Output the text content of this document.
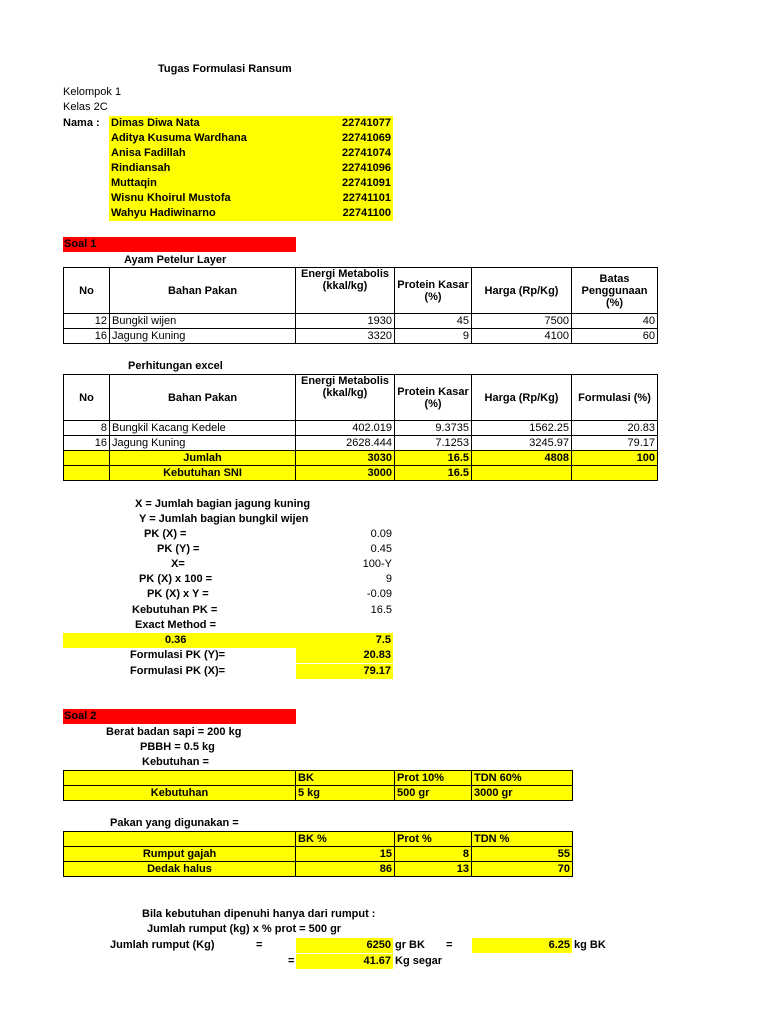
Tugas Formulasi Ransum
Kelompok 1
Kelas 2C
Nama : Dimas Diwa Nata	22741077
Aditya Kusuma Wardhana	22741069
Anisa Fadillah	22741074
Rindiansah	22741096
Muttaqin	22741091
Wisnu Khoirul Mustofa	22741101
Wahyu Hadiwinarno	22741100
Soal 1
Ayam Petelur Layer
No	Bahan Pakan	Energi Metabolis (kkal/kg)	Protein Kasar (%)	Harga (Rp/Kg)	Batas Penggunaan (%)
12	Bungkil wijen	1930	45	7500	40
16	Jagung Kuning	3320	9	4100	60
Perhitungan excel
No	Bahan Pakan	Energi Metabolis (kkal/kg)	Protein Kasar (%)	Harga (Rp/Kg)	Formulasi (%)
8	Bungkil Kacang Kedele	402.019	9.3735	1562.25	20.83
16	Jagung Kuning	2628.444	7.1253	3245.97	79.17
	Jumlah	3030	16.5	4808	100
	Kebutuhan SNI	3000	16.5		
X = Jumlah bagian jagung kuning
Y = Jumlah bagian bungkil wijen
PK (X) =	0.09
PK (Y) =	0.45
X=	100-Y
PK (X) x 100 =	9
PK (X) x Y =	-0.09
Kebutuhan PK =	16.5
Exact Method =
0.36	7.5
Formulasi PK (Y)=	20.83
Formulasi PK (X)=	79.17
Soal 2
Berat badan sapi = 200 kg
PBBH = 0.5 kg
Kebutuhan =
	BK	Prot 10%	TDN 60%
Kebutuhan	5 kg	500 gr	3000 gr
Pakan yang digunakan =
	BK %	Prot %	TDN %
Rumput gajah	15	8	55
Dedak halus	86	13	70
Bila kebutuhan dipenuhi hanya dari rumput :
Jumlah rumput (kg) x % prot = 500 gr
Jumlah rumput (Kg)	=	6250 gr BK =	6.25 kg BK
=	41.67 Kg segar
